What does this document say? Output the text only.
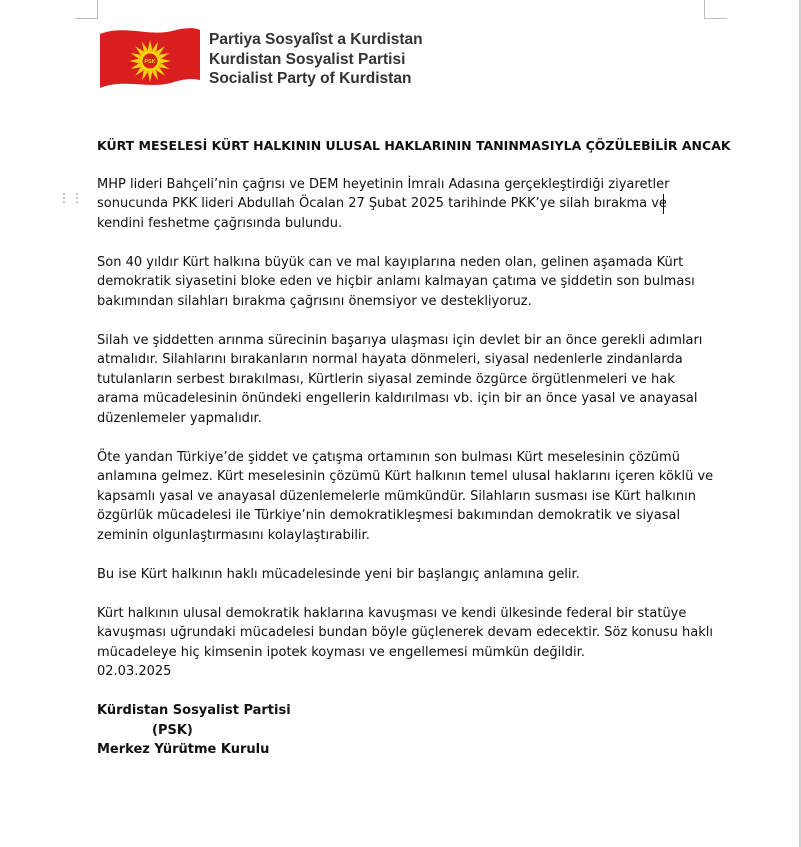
PSK
Partiya Sosyalîst a Kurdistan
Kurdistan Sosyalist Partisi
Socialist Party of Kurdistan
⋮⋮
KÜRT MESELESİ KÜRT HALKININ ULUSAL HAKLARININ TANINMASIYLA ÇÖZÜLEBİLİR ANCAK

MHP lideri Bahçeli’nin çağrısı ve DEM heyetinin İmralı Adasına gerçekleştirdiği ziyaretler sonucunda PKK lideri Abdullah Öcalan 27 Şubat 2025 tarihinde PKK’ye silah bırakma ve kendini feshetme çağrısında bulundu.

Son 40 yıldır Kürt halkına büyük can ve mal kayıplarına neden olan, gelinen aşamada Kürt demokratik siyasetini bloke eden ve hiçbir anlamı kalmayan çatıma ve şiddetin son bulması bakımından silahları bırakma çağrısını önemsiyor ve destekliyoruz.

Silah ve şiddetten arınma sürecinin başarıya ulaşması için devlet bir an önce gerekli adımları atmalıdır. Silahlarını bırakanların normal hayata dönmeleri, siyasal nedenlerle zindanlarda tutulanların serbest bırakılması, Kürtlerin siyasal zeminde özgürce örgütlenmeleri ve hak arama mücadelesinin önündeki engellerin kaldırılması vb. için bir an önce yasal ve anayasal düzenlemeler yapmalıdır.

Öte yandan Türkiye’de şiddet ve çatışma ortamının son bulması Kürt meselesinin çözümü anlamına gelmez. Kürt meselesinin çözümü Kürt halkının temel ulusal haklarını içeren köklü ve kapsamlı yasal ve anayasal düzenlemelerle mümkündür. Silahların susması ise Kürt halkının özgürlük mücadelesi ile Türkiye’nin demokratikleşmesi bakımından demokratik ve siyasal zeminin olgunlaştırmasını kolaylaştırabilir.

Bu ise Kürt halkının haklı mücadelesinde yeni bir başlangıç anlamına gelir.

Kürt halkının ulusal demokratik haklarına kavuşması ve kendi ülkesinde federal bir statüye kavuşması uğrundaki mücadelesi bundan böyle güçlenerek devam edecektir. Söz konusu haklı mücadeleye hiç kimsenin ipotek koyması ve engellemesi mümkün değildir.

02.03.2025
Kürdistan Sosyalist Partisi
(PSK)
Merkez Yürütme Kurulu
